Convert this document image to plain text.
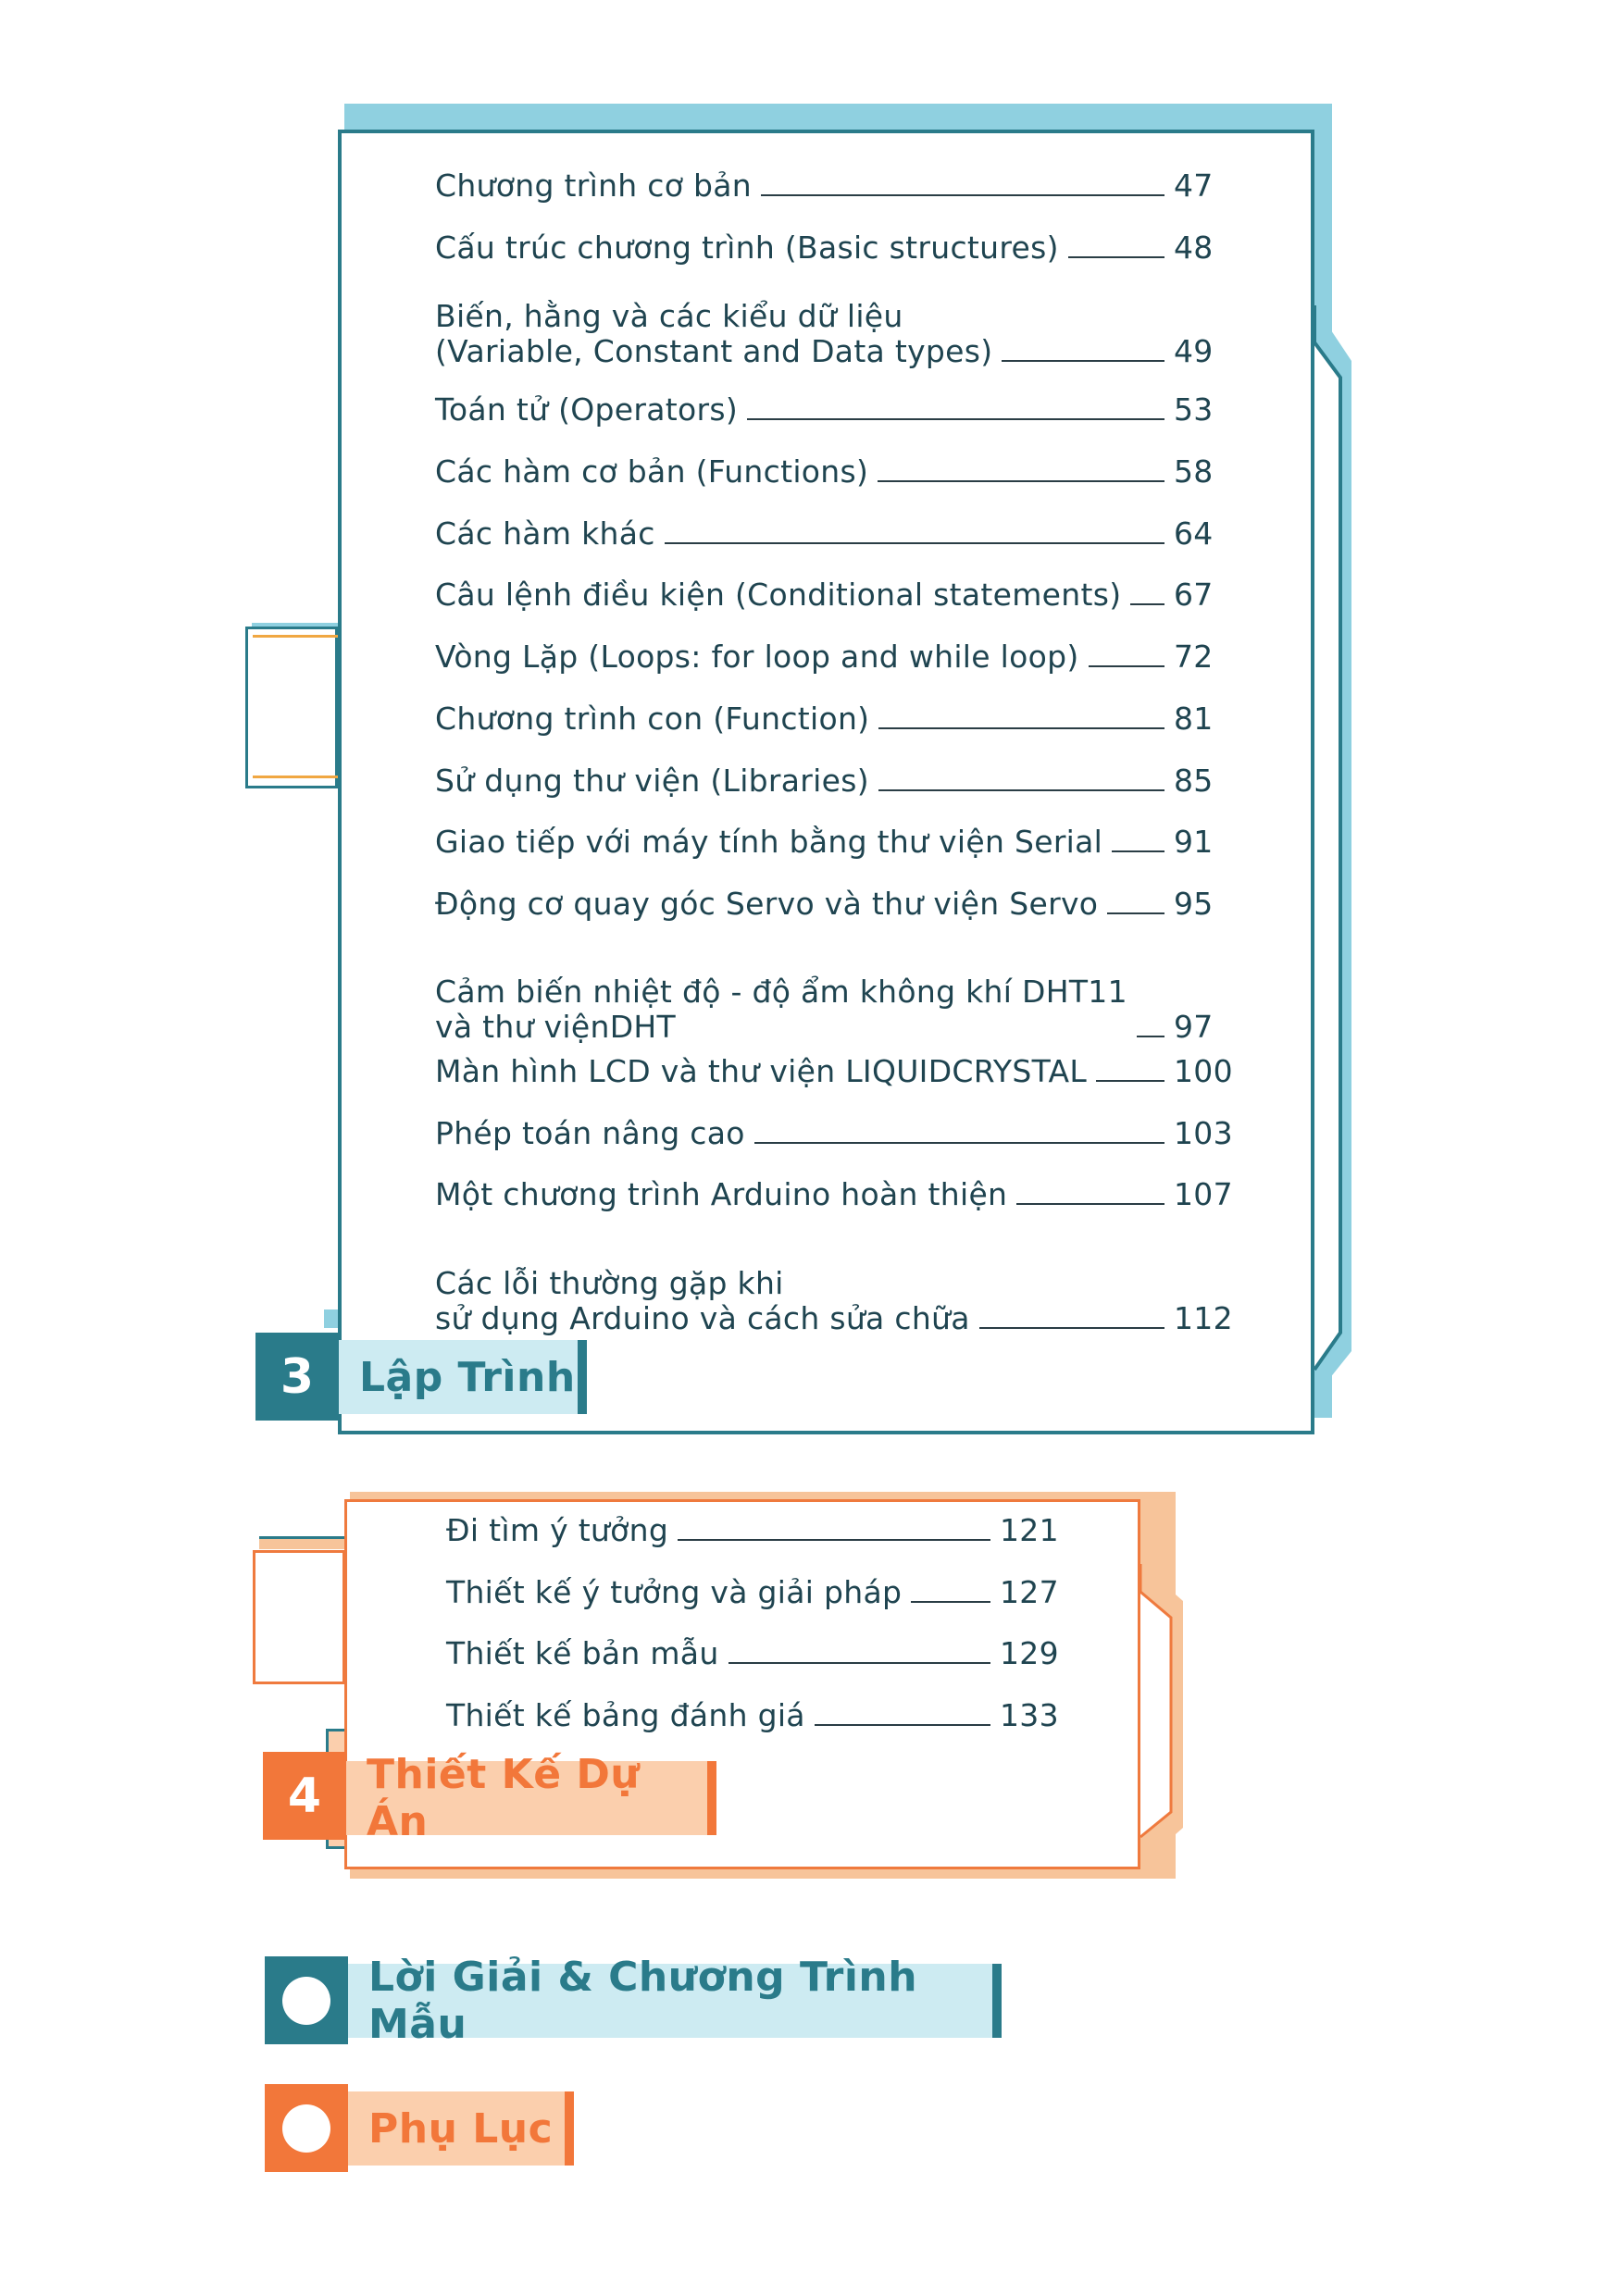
Chương trình cơ bản	47
Cấu trúc chương trình (Basic structures)	48
Biến, hằng và các kiểu dữ liệu
(Variable, Constant and Data types)	49
Toán tử (Operators)	53
Các hàm cơ bản (Functions)	58
Các hàm khác	64
Câu lệnh điều kiện (Conditional statements) 67
Vòng Lặp (Loops: for loop and while loop)	72
Chương trình con (Function)	81
Sử dụng thư viện (Libraries)	85
Giao tiếp với máy tính bằng thư viện Serial 91
Động cơ quay góc Servo và thư viện Servo 95
Cảm biến nhiệt độ - độ ẩm không khí DHT11
và thư việnDHT	97
Màn hình LCD và thư viện LIQUIDCRYSTAL	100
Phép toán nâng cao	103
Một chương trình Arduino hoàn thiện	107
Các lỗi thường gặp khi
sử dụng Arduino và cách sửa chữa	112
3 Lập Trình
Đi tìm ý tưởng	121
Thiết kế ý tưởng và giải pháp	127
Thiết kế bản mẫu	129
Thiết kế bảng đánh giá	133
4 Thiết Kế Dự Án
Lời Giải & Chương Trình Mẫu
Phụ Lục
